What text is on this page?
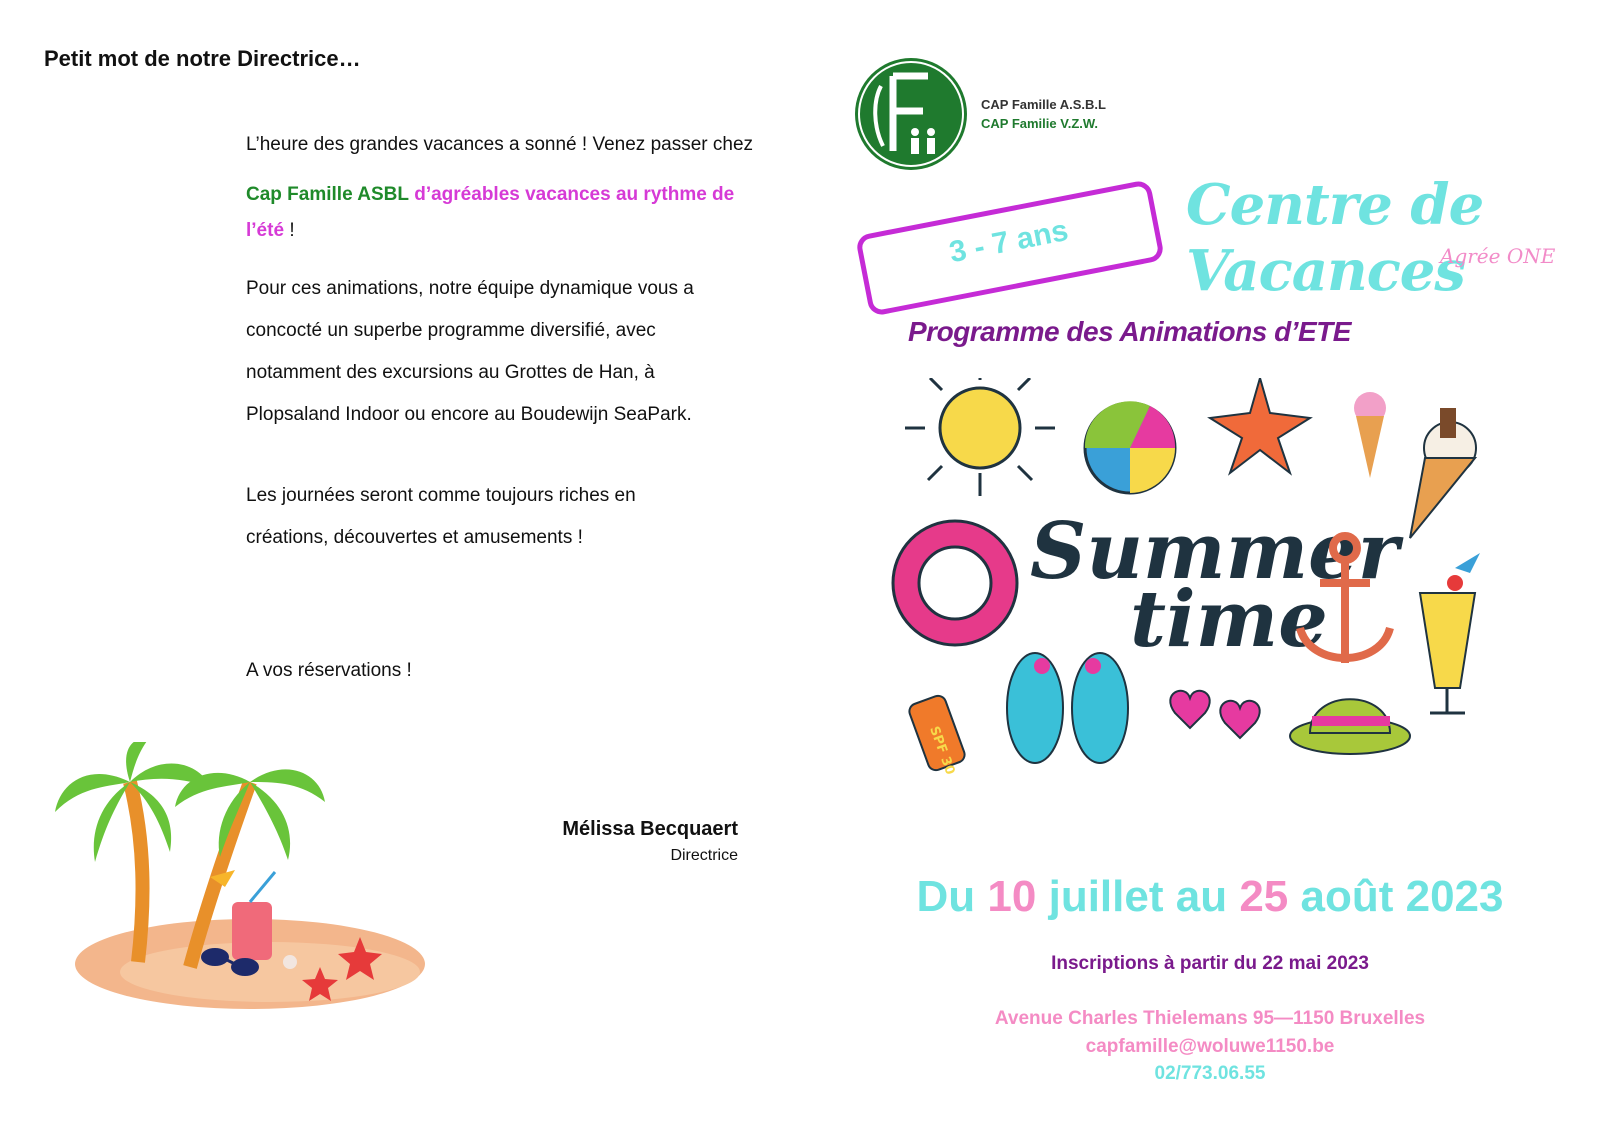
Petit mot de notre Directrice…
L’heure des grandes vacances a sonné ! Venez passer chez
Cap Famille ASBL d’agréables vacances au rythme de
l’été !
Pour ces animations, notre équipe dynamique vous a
concocté un superbe programme diversifié, avec
notamment des excursions au Grottes de Han, à
Plopsaland Indoor ou encore au Boudewijn SeaPark.
Les journées seront comme toujours riches en
créations, découvertes et amusements !
A vos réservations !
Mélissa Becquaert
Directrice
CAP Famille A.S.B.L
CAP Familie V.Z.W.
Centre de Vacances
Agrée ONE
3 - 7 ans
Programme des Animations d’ETE
Summer
time
SPF 30
Du 10 juillet au 25 août 2023
Inscriptions à partir du 22 mai 2023
Avenue Charles Thielemans 95—1150 Bruxelles
capfamille@woluwe1150.be
02/773.06.55
